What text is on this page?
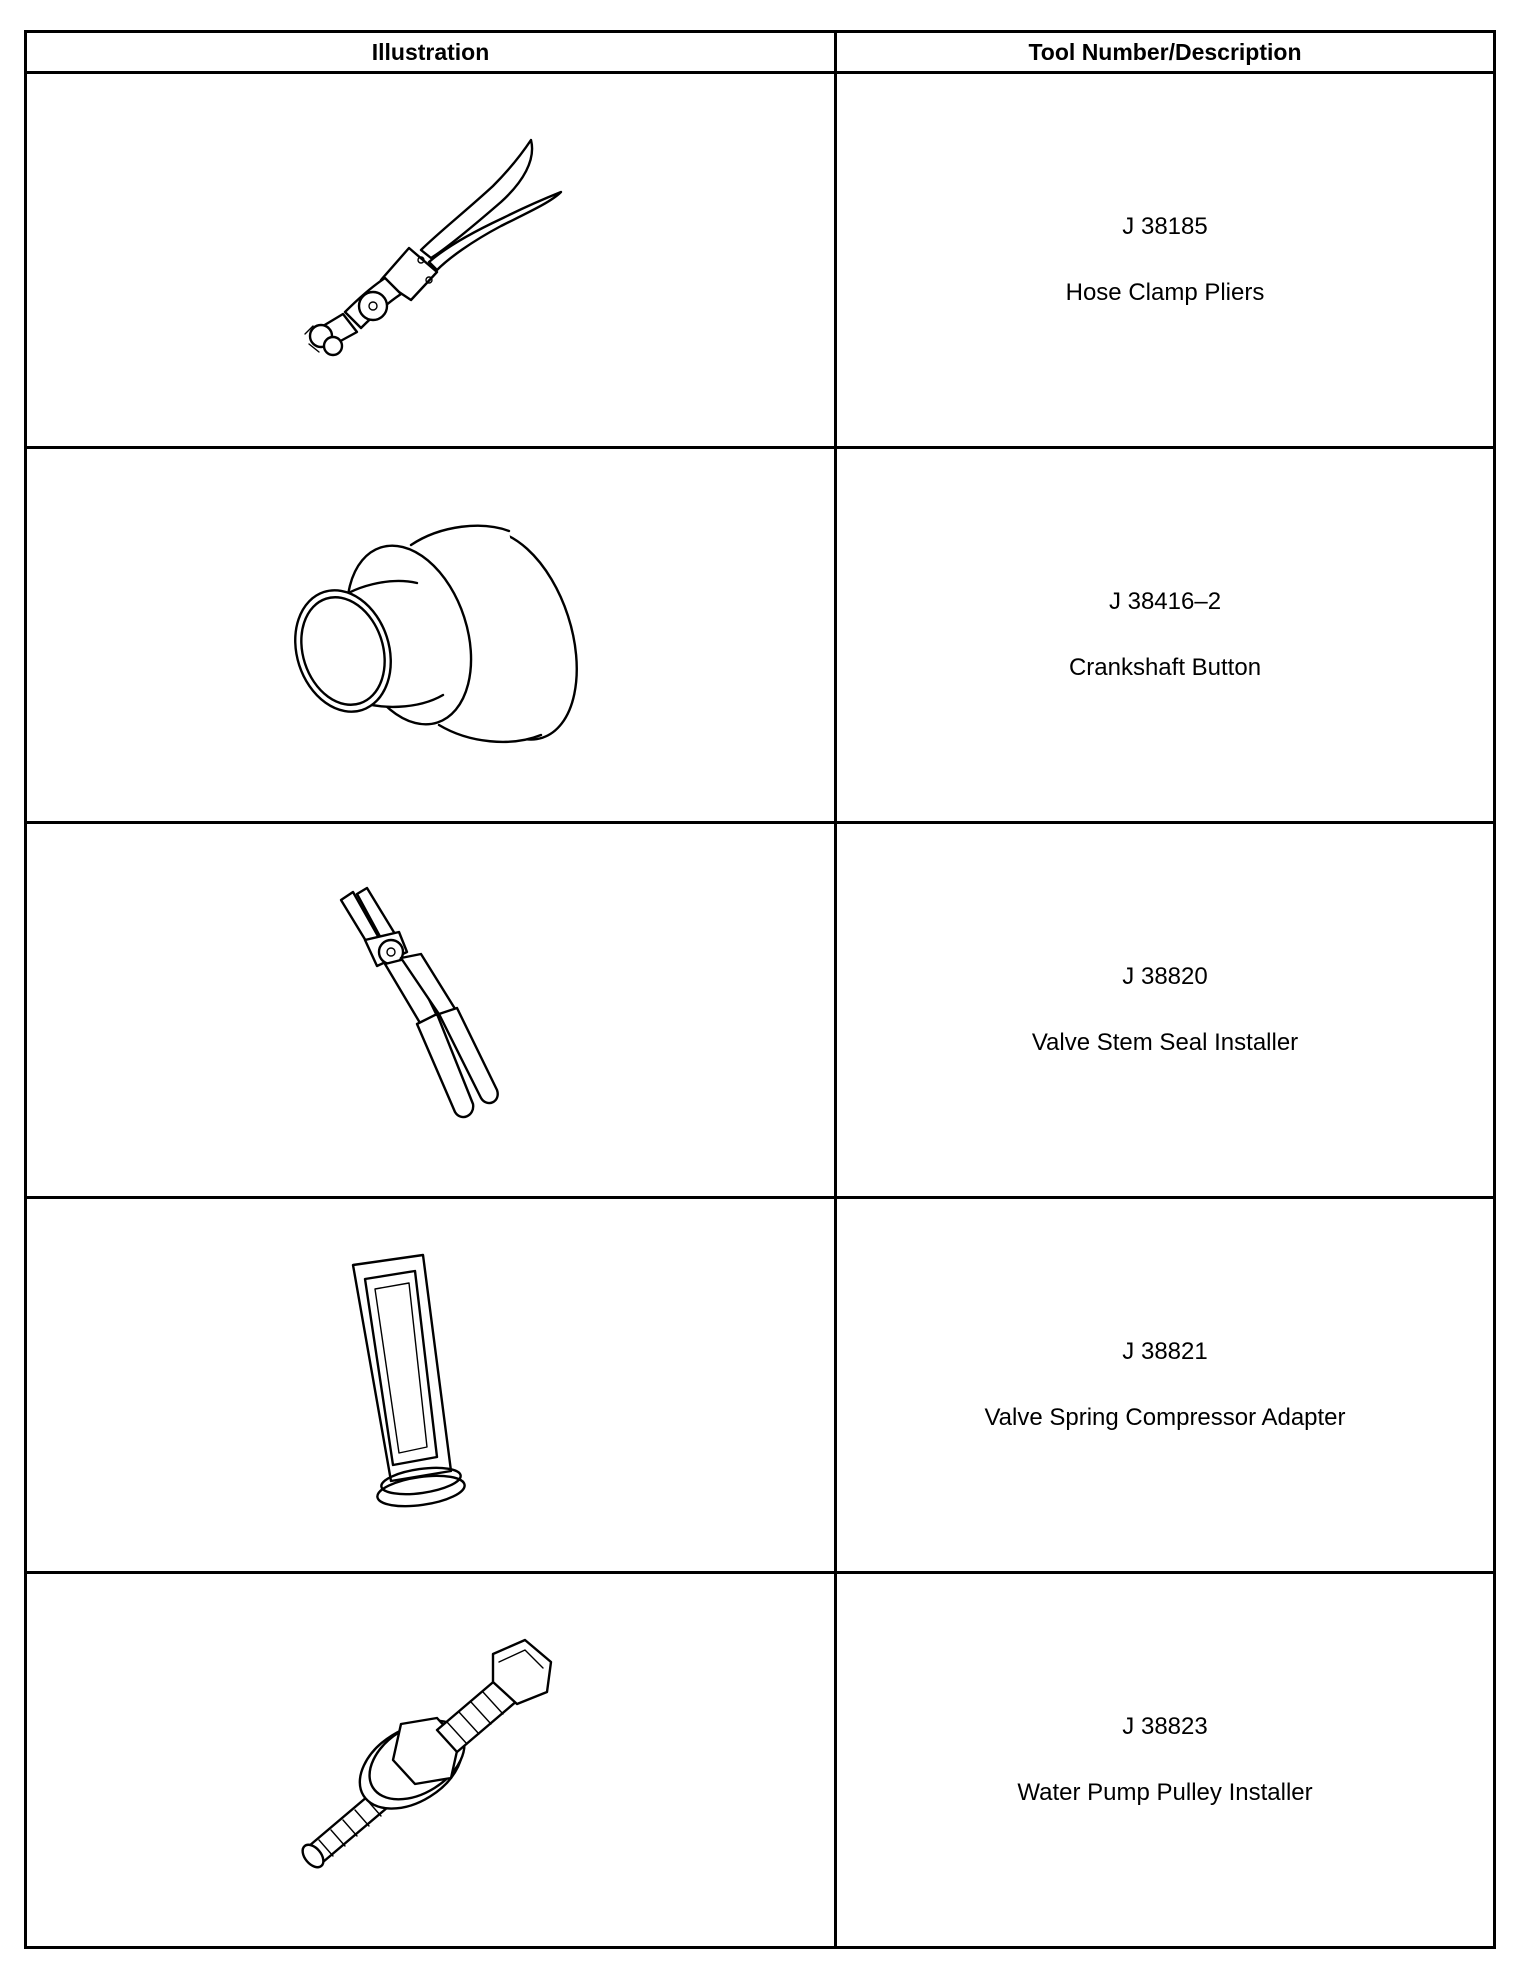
Illustration	Tool Number/Description

J 38185
Hose Clamp Pliers

J 38416–2
Crankshaft Button

J 38820
Valve Stem Seal Installer

J 38821
Valve Spring Compressor Adapter

J 38823
Water Pump Pulley Installer
